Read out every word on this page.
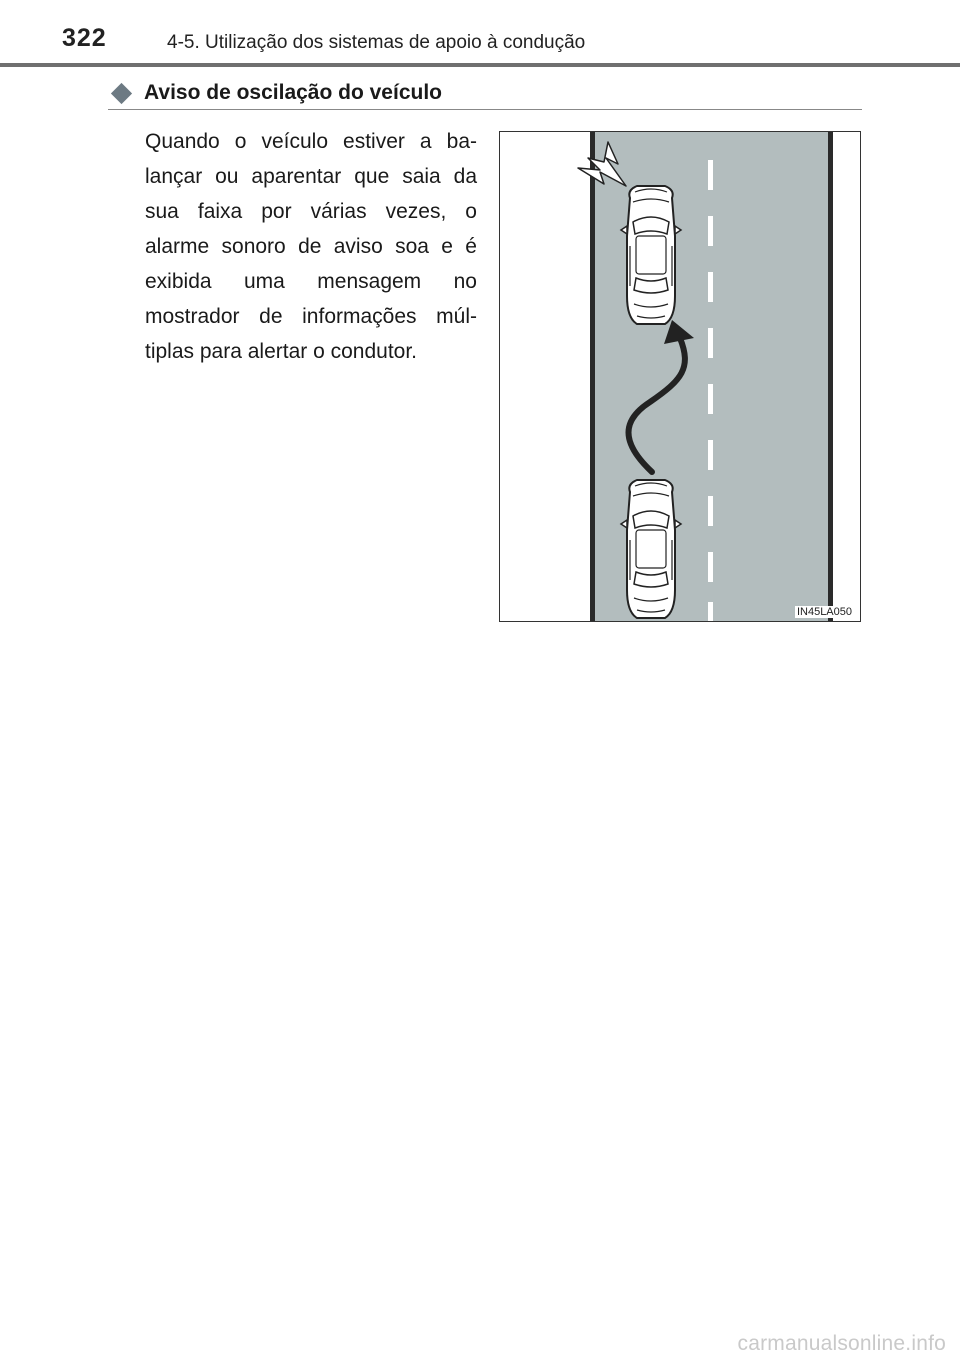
322	4-5. Utilização dos sistemas de apoio à condução
Aviso de oscilação do veículo
Quando o veículo estiver a balançar ou aparentar que saia da sua faixa por várias vezes, o alarme sonoro de aviso soa e é exibida uma mensagem no mostrador de informações múltiplas para alertar o condutor.
IN45LA050
carmanualsonline.info
